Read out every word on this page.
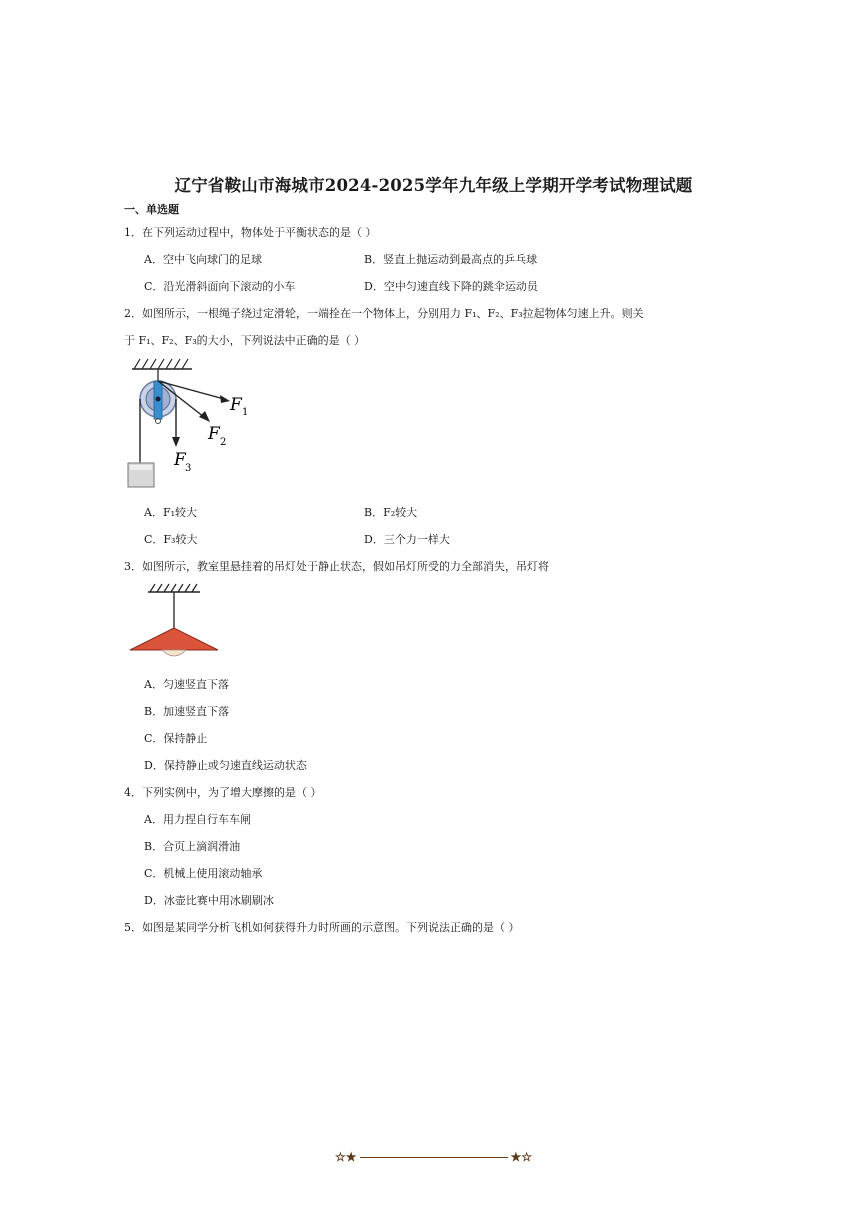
辽宁省鞍山市海城市2024-2025学年九年级上学期开学考试物理试题
一、单选题
1．在下列运动过程中，物体处于平衡状态的是（ ）
A．空中飞向球门的足球	B．竖直上抛运动到最高点的乒乓球
C．沿光滑斜面向下滚动的小车	D．空中匀速直线下降的跳伞运动员
2．如图所示，一根绳子绕过定滑轮，一端拴在一个物体上，分别用力 F₁、F₂、F₃拉起物体匀速上升。则关
于 F₁、F₂、F₃的大小，下列说法中正确的是（ ）
F 1
F 2
F 3
A．F₁较大	B．F₂较大
C．F₃较大	D．三个力一样大
3．如图所示，教室里悬挂着的吊灯处于静止状态，假如吊灯所受的力全部消失，吊灯将
A．匀速竖直下落
B．加速竖直下落
C．保持静止
D．保持静止或匀速直线运动状态
4．下列实例中，为了增大摩擦的是（ ）
A．用力捏自行车车闸
B．合页上滴润滑油
C．机械上使用滚动轴承
D．冰壶比赛中用冰刷刷冰
5．如图是某同学分析飞机如何获得升力时所画的示意图。下列说法正确的是（ ）
☆★	★☆
